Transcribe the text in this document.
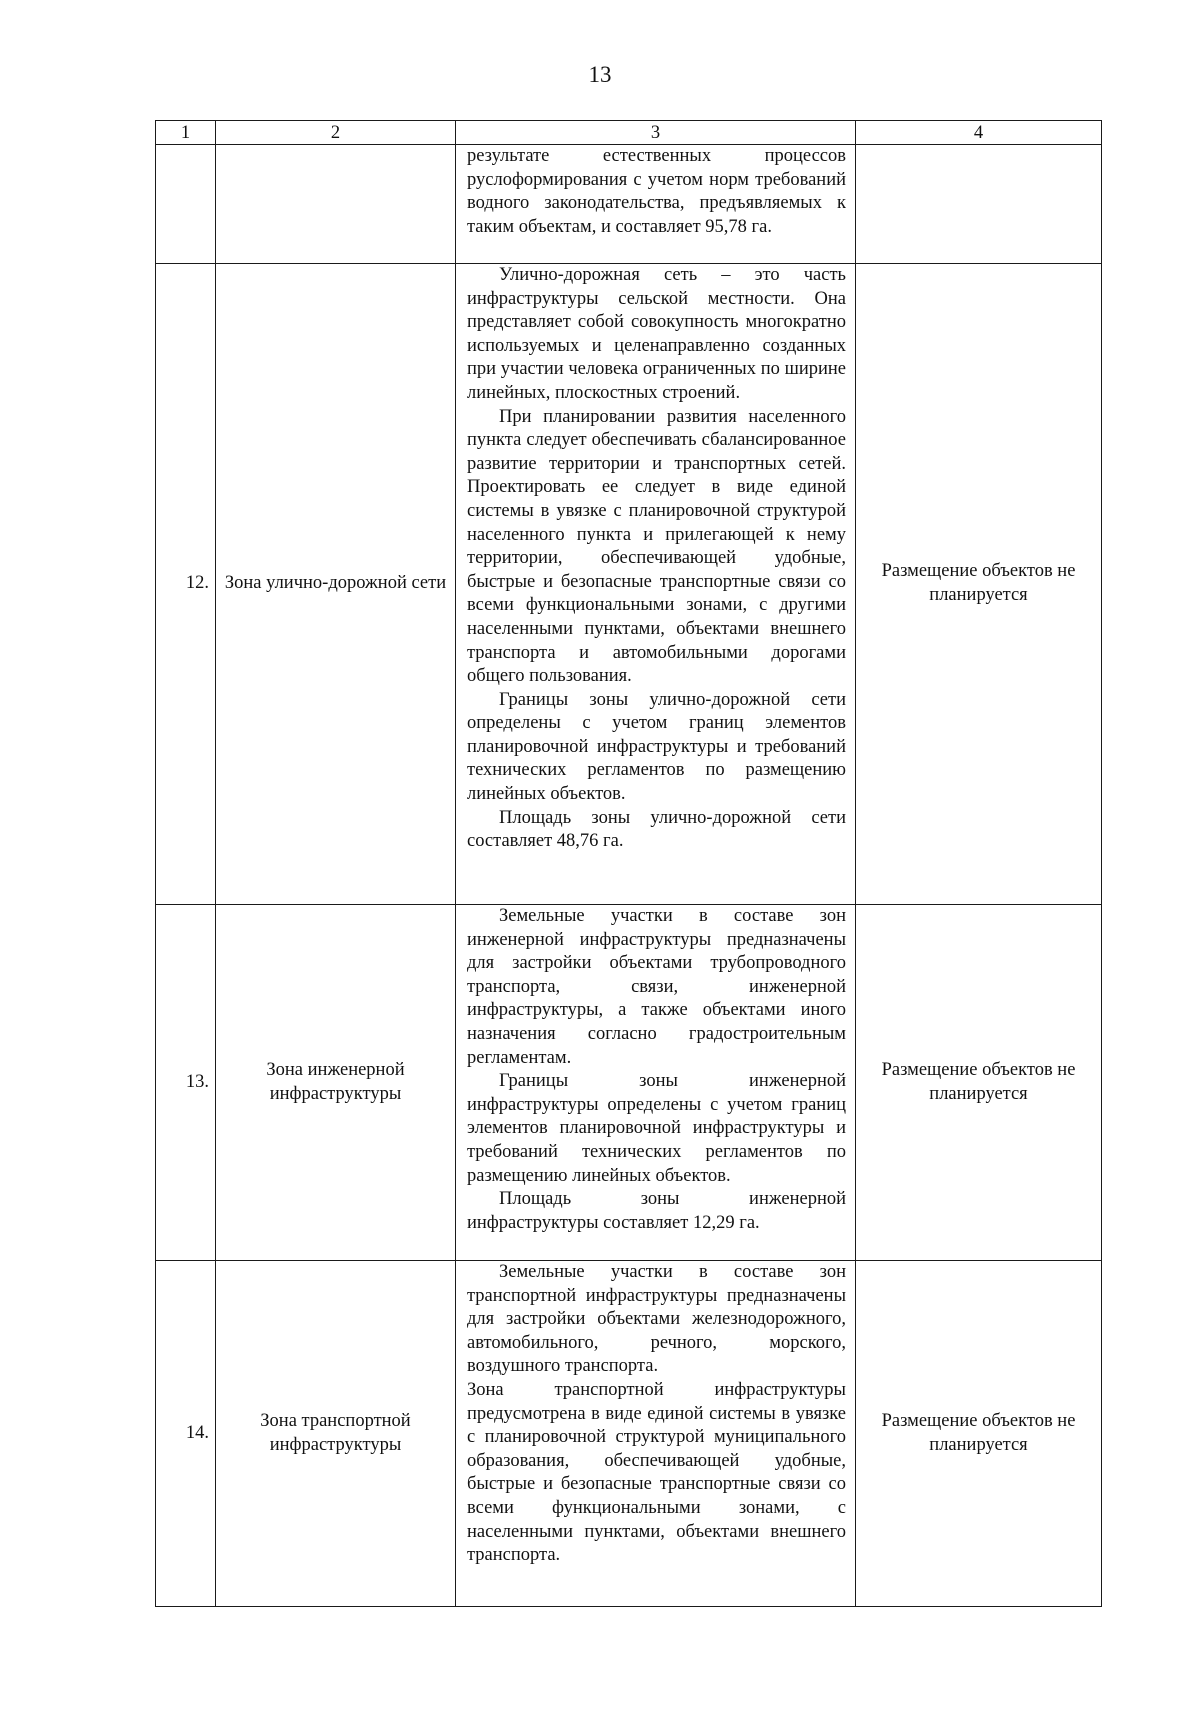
13
1	2	3	4

		результате естественных процессов руслоформирования с учетом норм требований водного законодательства, предъявляемых к таким объектам, и составляет 95,78 га.	

12.	Зона улично-дорожной сети	Улично-дорожная сеть – это часть инфраструктуры сельской местности. Она представляет собой совокупность многократно используемых и целенаправленно созданных при участии человека ограниченных по ширине линейных, плоскостных строений.

При планировании развития населенного пункта следует обеспечивать сбалансированное развитие территории и транспортных сетей. Проектировать ее следует в виде единой системы в увязке с планировочной структурой населенного пункта и прилегающей к нему территории, обеспечивающей удобные, быстрые и безопасные транспортные связи со всеми функциональными зонами, с другими населенными пунктами, объектами внешнего транспорта и автомобильными дорогами общего пользования.

Границы зоны улично-дорожной сети определены с учетом границ элементов планировочной инфраструктуры и требований технических регламентов по размещению линейных объектов.

Площадь зоны улично-дорожной сети составляет 48,76 га.	Размещение объектов не планируется
13.	Зона инженерной инфраструктуры	Земельные участки в составе зон инженерной инфраструктуры предназначены для застройки объектами трубопроводного транспорта, связи, инженерной инфраструктуры, а также объектами иного назначения согласно градостроительным регламентам.

Границы зоны инженерной инфраструктуры определены с учетом границ элементов планировочной инфраструктуры и требований технических регламентов по размещению линейных объектов.

Площадь зоны инженерной инфраструктуры составляет 12,29 га.	Размещение объектов не планируется
14.	Зона транспортной инфраструктуры	Земельные участки в составе зон транспортной инфраструктуры предназначены для застройки объектами железнодорожного, автомобильного, речного, морского, воздушного транспорта.

Зона транспортной инфраструктуры предусмотрена в виде единой системы в увязке с планировочной структурой муниципального образования, обеспечивающей удобные, быстрые и безопасные транспортные связи со всеми функциональными зонами, с населенными пунктами, объектами внешнего транспорта.	Размещение объектов не планируется
